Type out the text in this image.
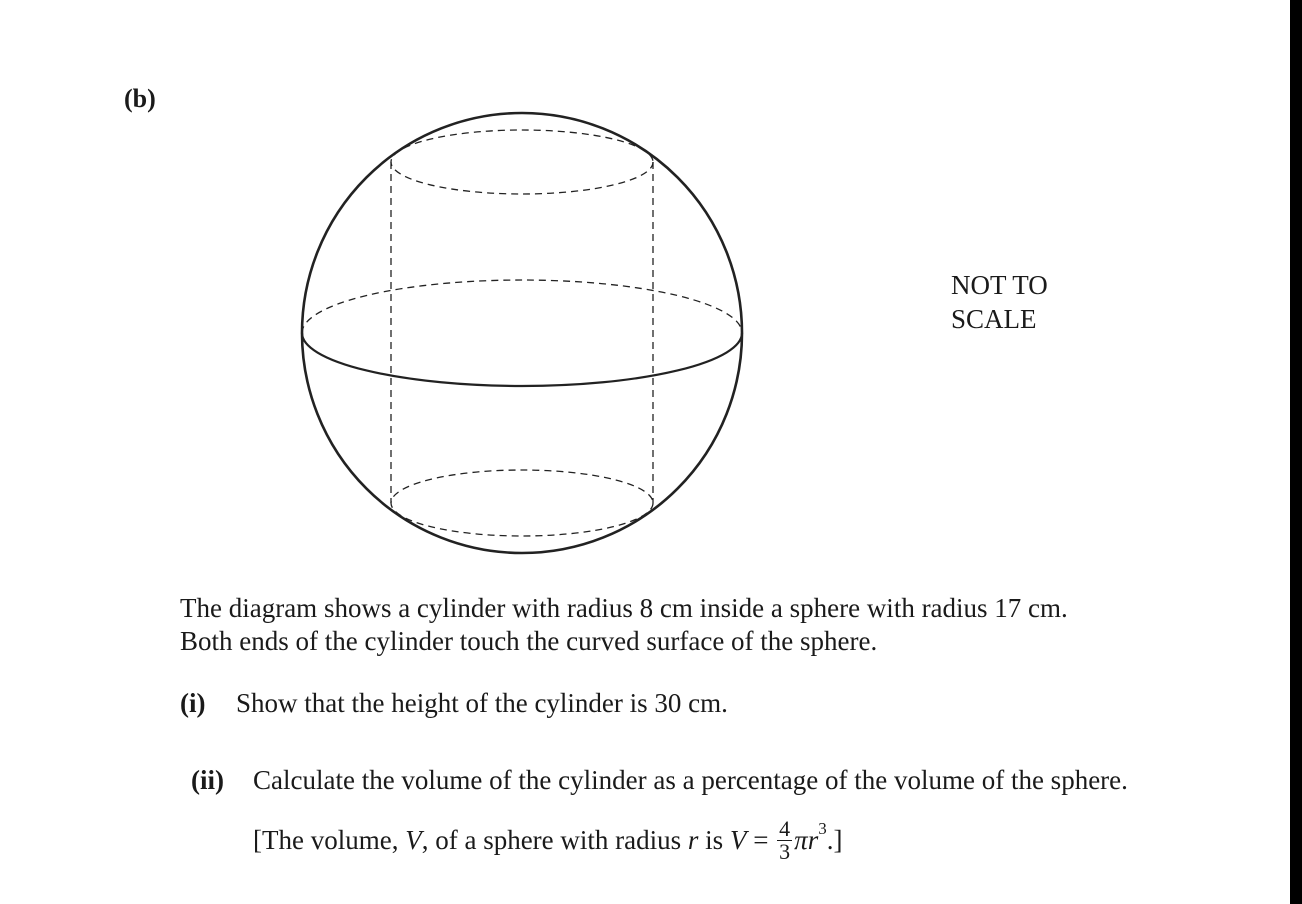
(b)
NOT TO
SCALE
The diagram shows a cylinder with radius 8 cm inside a sphere with radius 17 cm.
Both ends of the cylinder touch the curved surface of the sphere.
(i) Show that the height of the cylinder is 30 cm.
(ii) Calculate the volume of the cylinder as a percentage of the volume of the sphere.
[The volume, V , of a sphere with radius r is $V = \frac{4}{3}$ π r 3 .]
